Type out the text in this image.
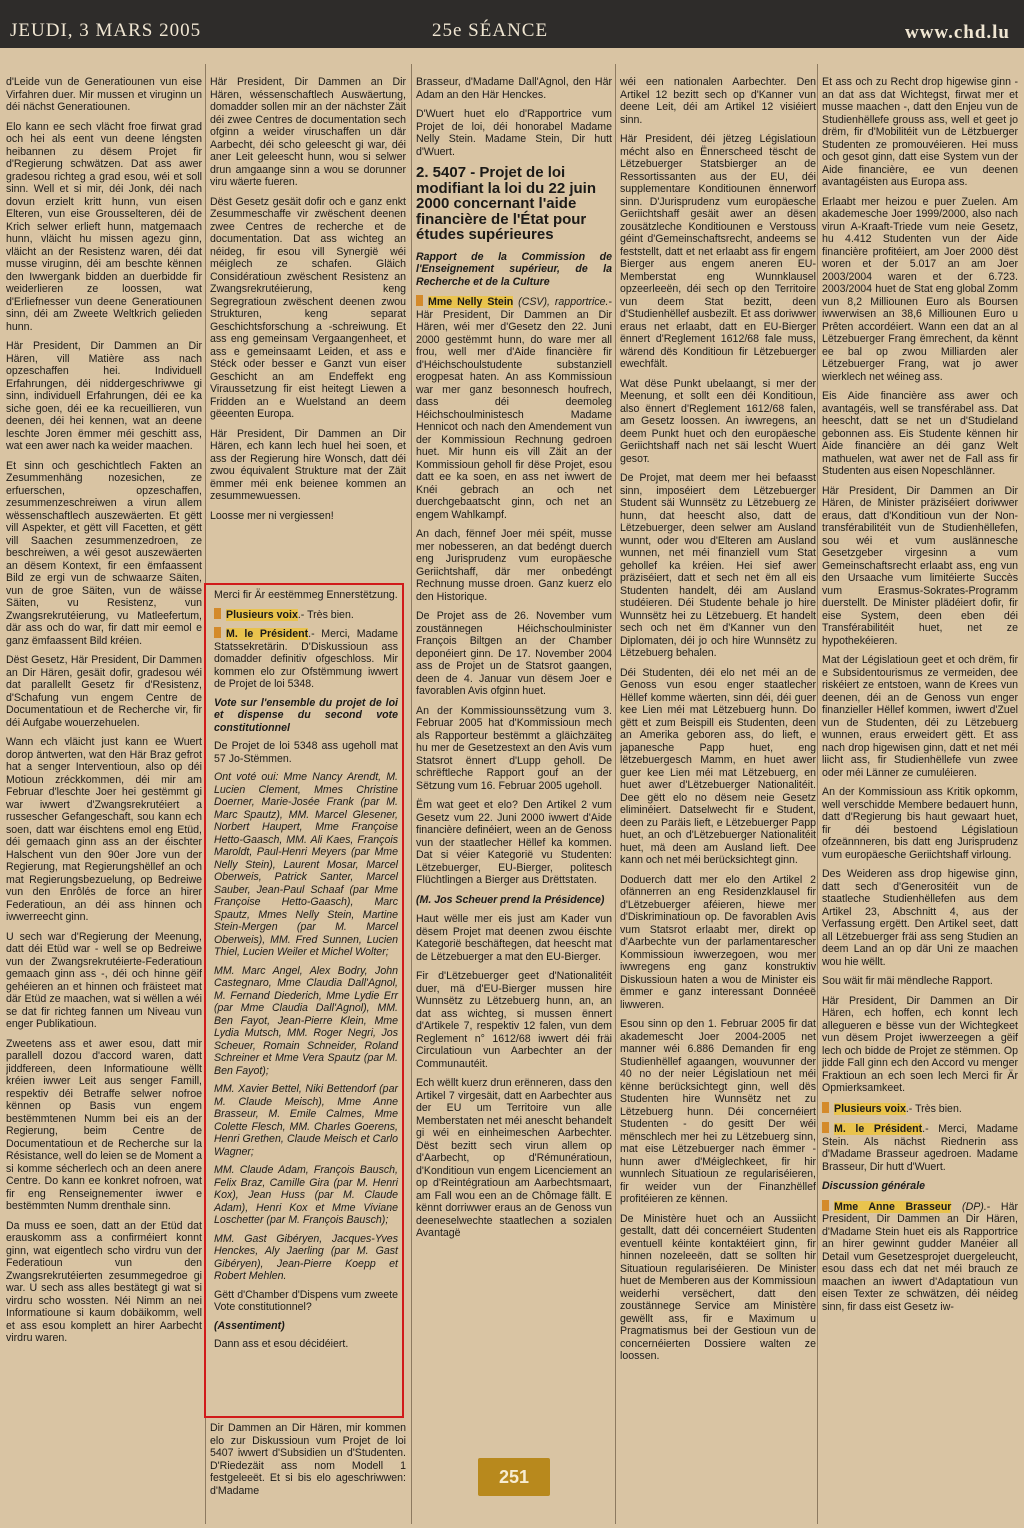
JEUDI, 3 MARS 2005	25e SÉANCE	www.chd.lu

d'Leide vun de Generatiounen vun eise Virfahren duer. Mir mussen et viruginn un déi nächst Generatiounen.

Elo kann ee sech vlächt froe firwat grad och hei als eent vun deene léngsten heibannen zu dësem Projet fir d'Regierung schwätzen. Dat ass awer gradesou richteg a grad esou, wéi et soll sinn. Well et si mir, déi Jonk, déi nach dovun erzielt kritt hunn, vun eisen Elteren, vun eise Grousselteren, déi de Krich selwer erlieft hunn, matgemaach hunn, vläicht hu missen agezu ginn, vläicht an der Resistenz waren, déi dat musse viruginn, déi am beschte kënnen den Iwwergank bidden an duerbidde fir weiderlieren ze loossen, wat d'Erliefnesser vun deene Generatiounen sinn, déi am Zweete Weltkrich gelieden hunn.

Här President, Dir Dammen an Dir Hären, vill Matière ass nach opzeschaffen hei. Individuell Erfahrungen, déi niddergeschriwwe gi sinn, individuell Erfahrungen, déi ee ka siche goen, déi ee ka recueillieren, vun deenen, déi hei kennen, wat an deene leschte Joren ëmmer méi geschitt ass, wat een awer nach ka weider maachen.

Et sinn och geschichtlech Fakten an Zesummenhäng nozesichen, ze erfuerschen, opzeschaffen, zesummenzeschreiwen a virun allem wëssenschaftlech auszewäerten. Et gëtt vill Aspekter, et gëtt vill Facetten, et gëtt vill Saachen zesummenzedroen, ze beschreiwen, a wéi gesot auszewäerten an dësem Kontext, fir een ëmfaassent Bild ze ergi vun de schwaarze Säiten, vun de groe Säiten, vun de wäisse Säiten, vu Resistenz, vun Zwangsrekrutéierung, vu Matleefertum, där ass och do war, fir datt mir eemol e ganz ëmfaassent Bild kréien.

Dëst Gesetz, Här President, Dir Dammen an Dir Hären, gesäit dofir, gradesou wéi dat parallellt Gesetz fir d'Resistenz, d'Schafung vun engem Centre de Documentatioun et de Recherche vir, fir déi Aufgabe wouerzehuelen.

Wann ech vläicht just kann ee Wuert dorop äntwerten, wat den Här Braz gefrot hat a senger Interventioun, also op déi Motioun zréckkommen, déi mir am Februar d'leschte Joer hei gestëmmt gi war iwwert d'Zwangsrekrutéiert a russescher Gefangeschaft, sou kann ech soen, datt war éischtens emol eng Etüd, déi gemaach ginn ass an der éischter Halschent vun den 90er Jore vun der Regierung, mat Regierungshëllef an och mat Regierungsbezuelung, op Bedreiwe vun den Enrôlés de force an hirer Federatioun, an déi ass hinnen och iwwerreecht ginn.

U sech war d'Regierung der Meenung, datt déi Etüd war - well se op Bedreiwe vun der Zwangsrekrutéierte-Federatioun gemaach ginn ass -, déi och hinne gëif gehéieren an et hinnen och fräisteet mat där Etüd ze maachen, wat si wëllen a wéi se dat fir richteg fannen um Niveau vun enger Publikatioun.

Zweetens ass et awer esou, datt mir parallell dozou d'accord waren, datt jiddfereen, deen Informatioune wëllt kréien iwwer Leit aus senger Famill, respektiv déi Betraffe selwer nofroe kënnen op Basis vun engem bestëmmtenen Numm bei eis an der Regierung, beim Centre de Documentatioun et de Recherche sur la Résistance, well do leien se de Moment a si komme sécherlech och an deen anere Centre. Do kann ee konkret nofroen, wat fir eng Renseignementer iwwer e bestëmmten Numm drenthale sinn.

Da muss ee soen, datt an der Etüd dat erauskomm ass a confirméiert konnt ginn, wat eigentlech scho virdru vun der Federatioun vun den Zwangsrekrutéierten zesummegedroe gi war. U sech ass alles bestätegt gi wat si virdru scho wossten. Néi Nimm an nei Informatioune si kaum dobäikomm, well et ass esou komplett an hirer Aarbecht virdru waren.

Här President, Dir Dammen an Dir Hären, wéssenschaftlech Auswäertung, domadder sollen mir an der nächster Zäit déi zwee Centres de documentation sech ofginn a weider viruschaffen un där Aarbecht, déi scho geleescht gi war, déi aner Leit geleescht hunn, wou si selwer drun amgaange sinn a wou se dorunner viru wäerte fueren.

Dëst Gesetz gesäit dofir och e ganz enkt Zesummeschaffe vir zwëschent deenen zwee Centres de recherche et de documentation. Dat ass wichteg an néideg, fir esou vill Synergië wéi méiglech ze schafen. Gläich Considératioun zwëschent Resistenz an Zwangsrekrutéierung, keng Segregratioun zwëschent deenen zwou Strukturen, keng separat Geschichtsforschung a -schreiwung. Et ass eng gemeinsam Vergaangenheet, et ass e gemeinsaamt Leiden, et ass e Stéck oder besser e Ganzt vun eiser Geschicht an am Endeffekt eng Viraussetzung fir eist heitegt Liewen a Fridden an e Wuelstand an deem gëeenten Europa.

Här President, Dir Dammen an Dir Hären, ech kann lech huel hei soen, et ass der Regierung hire Wonsch, datt déi zwou équivalent Strukture mat der Zäit ëmmer méi enk beienee kommen an zesummewuessen.

Loosse mer ni vergiessen!

Merci fir Är eestëmmeg Ennerstëtzung.

Plusieurs voix.- Très bien.

M. le Président.- Merci, Madame Statssekretärin. D'Diskussioun ass domadder definitiv ofgeschloss. Mir kommen elo zur Ofstëmmung iwwert de Projet de loi 5348.

Vote sur l'ensemble du projet de loi et dispense du second vote constitutionnel

De Projet de loi 5348 ass ugeholl mat 57 Jo-Stëmmen.

Ont voté oui: Mme Nancy Arendt, M. Lucien Clement, Mmes Christine Doerner, Marie-Josée Frank (par M. Marc Spautz), MM. Marcel Glesener, Norbert Haupert, Mme Françoise Hetto-Gaasch, MM. Ali Kaes, François Maroldt, Paul-Henri Meyers (par Mme Nelly Stein), Laurent Mosar, Marcel Oberweis, Patrick Santer, Marcel Sauber, Jean-Paul Schaaf (par Mme Françoise Hetto-Gaasch), Marc Spautz, Mmes Nelly Stein, Martine Stein-Mergen (par M. Marcel Oberweis), MM. Fred Sunnen, Lucien Thiel, Lucien Weiler et Michel Wolter;

MM. Marc Angel, Alex Bodry, John Castegnaro, Mme Claudia Dall'Agnol, M. Fernand Diederich, Mme Lydie Err (par Mme Claudia Dall'Agnol), MM. Ben Fayot, Jean-Pierre Klein, Mme Lydia Mutsch, MM. Roger Negri, Jos Scheuer, Romain Schneider, Roland Schreiner et Mme Vera Spautz (par M. Ben Fayot);

MM. Xavier Bettel, Niki Bettendorf (par M. Claude Meisch), Mme Anne Brasseur, M. Emile Calmes, Mme Colette Flesch, MM. Charles Goerens, Henri Grethen, Claude Meisch et Carlo Wagner;

MM. Claude Adam, François Bausch, Felix Braz, Camille Gira (par M. Henri Kox), Jean Huss (par M. Claude Adam), Henri Kox et Mme Viviane Loschetter (par M. François Bausch);

MM. Gast Gibéryen, Jacques-Yves Henckes, Aly Jaerling (par M. Gast Gibéryen), Jean-Pierre Koepp et Robert Mehlen.

Gëtt d'Chamber d'Dispens vum zweete Vote constitutionnel?

(Assentiment)

Dann ass et esou décidéiert.

Dir Dammen an Dir Hären, mir kommen elo zur Diskussioun vum Projet de loi 5407 iwwert d'Subsidien un d'Studenten. D'Riedezäit ass nom Modell 1 festgeleeët. Et si bis elo ageschriwwen: d'Madame

Brasseur, d'Madame Dall'Agnol, den Här Adam an den Här Henckes.

D'Wuert huet elo d'Rapportrice vum Projet de loi, déi honorabel Madame Nelly Stein. Madame Stein, Dir hutt d'Wuert.

2. 5407 - Projet de loi modifiant la loi du 22 juin 2000 concernant l'aide financière de l'État pour études supérieures

Rapport de la Commission de l'Enseignement supérieur, de la Recherche et de la Culture

Mme Nelly Stein (CSV), rapportrice.- Här President, Dir Dammen an Dir Hären, wéi mer d'Gesetz den 22. Juni 2000 gestëmmt hunn, do ware mer all frou, well mer d'Aide financière fir d'Héichschoulstudente substanziell erogpesat haten. An ass Kommissioun war mer ganz besonnesch houfrech, dass déi deemoleg Héichschoulministesch Madame Hennicot och nach den Amendement vun der Kommissioun Rechnung gedroen huet. Mir hunn eis vill Zäit an der Kommissioun geholl fir dëse Projet, esou datt ee ka soen, en ass net iwwert de Knéi gebrach an och net duerchgebaatscht ginn, och net an engem Wahlkampf.

An dach, fënnef Joer méi spéit, musse mer nobesseren, an dat bedéngt duerch eng Jurisprudenz vum europäesche Geriichtshaff, där mer onbedéngt Rechnung musse droen. Ganz kuerz elo den Historique.

De Projet ass de 26. November vum zoustännegen Héichschoulminister François Biltgen an der Chamber deponéiert ginn. De 17. November 2004 ass de Projet un de Statsrot gaangen, deen de 4. Januar vun dësem Joer e favorablen Avis ofginn huet.

An der Kommissiounssëtzung vum 3. Februar 2005 hat d'Kommissioun mech als Rapporteur bestëmmt a gläichzäiteg hu mer de Gesetzestext an den Avis vum Statsrot ënnert d'Lupp geholl. De schrëftleche Rapport gouf an der Sëtzung vum 16. Februar 2005 ugeholl.

Ëm wat geet et elo? Den Artikel 2 vum Gesetz vum 22. Juni 2000 iwwert d'Aide financière definéiert, ween an de Genoss vun der staatlecher Hëllef ka kommen. Dat si véier Kategorië vu Studenten: Lëtzebuerger, EU-Bierger, politesch Flüchtlingen a Bierger aus Drëttstaten.

(M. Jos Scheuer prend la Présidence)

Haut wëlle mer eis just am Kader vun dësem Projet mat deenen zwou éischte Kategorië beschäftegen, dat heescht mat de Lëtzebuerger a mat den EU-Bierger.

Fir d'Lëtzebuerger geet d'Nationalitéit duer, mä d'EU-Bierger mussen hire Wunnsëtz zu Lëtzebuerg hunn, an, an dat ass wichteg, si mussen ënnert d'Artikele 7, respektiv 12 falen, vun dem Reglement n° 1612/68 iwwert déi fräi Circulatioun vun Aarbechter an der Communautéit.

Ech wëllt kuerz drun erënneren, dass den Artikel 7 virgesäit, datt en Aarbechter aus der EU um Territoire vun alle Memberstaten net méi anescht behandelt gi wéi en einheimeschen Aarbechter. Dëst bezitt sech virun allem op d'Aarbecht, op d'Rémunératioun, d'Konditioun vun engem Licenciement an op d'Reintégratioun am Aarbechtsmaart, am Fall wou een an de Chômage fällt. E kënnt dorriwwer eraus an de Genoss vun deeneselwechte staatlechen a sozialen Avantagë

wéi een nationalen Aarbechter. Den Artikel 12 bezitt sech op d'Kanner vun deene Leit, déi am Artikel 12 visiéiert sinn.

Här President, déi jëtzeg Législatioun mécht also en Ënnerscheed tëscht de Lëtzebuerger Statsbierger an de Ressortissanten aus der EU, déi supplementare Konditiounen ënnerworf sinn. D'Jurisprudenz vum europäesche Geriichtshaff gesäit awer an dësen zousätzleche Konditiounen e Verstouss géint d'Gemeinschaftsrecht, andeems se feststellt, datt et net erlaabt ass fir engem Bierger aus engem aneren EU-Memberstat eng Wunnklausel opzeerleeën, déi sech op den Territoire vun deem Stat bezitt, deen d'Studienhëllef ausbezilt. Et ass doriwwer eraus net erlaabt, datt en EU-Bierger ënnert d'Reglement 1612/68 fale muss, wärend dës Konditioun fir Lëtzebuerger ewechfält.

Wat dëse Punkt ubelaangt, si mer der Meenung, et sollt een déi Konditioun, also ënnert d'Reglement 1612/68 falen, am Gesetz loossen. An iwwregens, an deem Punkt huet och den europäesche Geriichtshaff nach net säi lescht Wuert gesoт.

De Projet, mat deem mer hei befaasst sinn, imposéiert dem Lëtzebuerger Student säi Wunnsëtz zu Lëtzebuerg ze hunn, dat heescht also, datt de Lëtzebuerger, deen selwer am Ausland wunnt, oder wou d'Elteren am Ausland wunnen, net méi finanziell vum Stat gehollef ka kréien. Hei sief awer präziséiert, datt et sech net ëm all eis Studenten handelt, déi am Ausland studéieren. Déi Studente behale jo hire Wunnsëtz hei zu Lëtzebuerg. Et handelt sech och net ëm d'Kanner vun den Diplomaten, déi jo och hire Wunnsëtz zu Lëtzebuerg behalen.

Déi Studenten, déi elo net méi an de Genoss vun esou enger staatlecher Hëllef komme wäerten, sinn déi, déi guer kee Lien méi mat Lëtzebuerg hunn. Do gëtt et zum Beispill eis Studenten, deen an Amerika geboren ass, do lieft, e japanesche Papp huet, eng lëtzebuergesch Mamm, en huet awer guer kee Lien méi mat Lëtzebuerg, en huet awer d'Lëtzebuerger Nationalitéit. Dee gëtt elo no dësem neie Gesetz eliminéiert. Datselwecht fir e Student, deen zu Paräis lieft, e Lëtzebuerger Papp huet, an och d'Lëtzebuerger Nationalitéit huet, mä deen am Ausland lieft. Dee kann och net méi berücksichtegt ginn.

Doduerch datt mer elo den Artikel 2 ofännerren an eng Residenzklausel fir d'Lëtzebuerger aféieren, hiewe mer d'Diskriminatioun op. De favorablen Avis vum Statsrot erlaabt mer, direkt op d'Aarbechte vun der parlamentarescher Kommissioun iwwerzegoen, wou mer iwwregens eng ganz konstruktiv Diskussioun haten a wou de Minister eis ëmmer e ganz interessant Donnéeë liwweren.

Esou sinn op den 1. Februar 2005 fir dat akademescht Joer 2004-2005 net manner wéi 6.886 Demanden fir eng Studienhëllef agaangen, wouvunner der 40 no der neier Législatioun net méi kënne berücksichtegt ginn, well dës Studenten hire Wunnsëtz net zu Lëtzebuerg hunn. Déi concernéiert Studenten - do gesitt Der wéi mënschlech mer hei zu Lëtzebuerg sinn, mat eise Lëtzebuerger nach ëmmer - hunn awer d'Méiglechkeet, fir hir wunnlech Situatioun ze regulariséieren, fir weider vun der Finanzhëllef profitéieren ze kënnen.

De Ministère huet och an Aussiicht gestallt, datt déi concernéiert Studenten eventuell kéinte kontaktéiert ginn, fir hinnen nozeleeën, datt se sollten hir Situatioun regulariséieren. De Minister huet de Memberen aus der Kommissioun weiderhi versëchert, datt den zoustännege Service am Ministère gewëllt ass, fir e Maximum u Pragmatismus bei der Gestioun vun de concernéierten Dossiere walten ze loossen.

Et ass och zu Recht drop higewise ginn - an dat ass dat Wichtegst, firwat mer et musse maachen -, datt den Enjeu vun de Studienhëllefe grouss ass, well et geet jo drëm, fir d'Mobilitéit vun de Lëtzbuerger Studenten ze promouvéieren. Hei muss och gesot ginn, datt eise System vun der Aide financière, ee vun deenen avantagéisten aus Europa ass.

Erlaabt mer heizou e puer Zuelen. Am akademesche Joer 1999/2000, also nach virun A-Kraaft-Triede vum neie Gesetz, hu 4.412 Studenten vun der Aide financière profitéiert, am Joer 2000 dëst woren et der 5.017 an am Joer 2003/2004 waren et der 6.723. 2003/2004 huet de Stat eng global Zomm vun 8,2 Milliounen Euro als Boursen iwwerwisen an 38,6 Milliounen Euro u Prêten accordéiert. Wann een dat an al Lëtzebuerger Frang ëmrechent, da kënnt ee bal op zwou Milliarden aler Lëtzebuerger Frang, wat jo awer wierklech net wéineg ass.

Eis Aide financière ass awer och avantagéis, well se transférabel ass. Dat heescht, datt se net un d'Studieland gebonnen ass. Eis Studente kënnen hir Aide financière an déi ganz Welt mathuelen, wat awer net de Fall ass fir Studenten aus eisen Nopeschlänner.

Här President, Dir Dammen an Dir Hären, de Minister präziséiert doriwwer eraus, datt d'Konditioun vun der Non-transférabilitéit vun de Studienhëllefen, sou wéi et vum auslännesche Gesetzgeber virgesinn a vum Gemeinschaftsrecht erlaabt ass, eng vun den Ursaache vum limitéierte Succès vum Erasmus-Sokrates-Programm duerstellt. De Minister plädéiert dofir, fir eise System, deen eben déi Transférabilitéit huet, net ze hypothekéieren.

Mat der Législatioun geet et och drëm, fir e Subsidentourismus ze vermeiden, dee riskéiert ze entstoen, wann de Krees vun deenen, déi an de Genoss vun enger finanzieller Hëllef kommen, iwwert d'Zuel vun de Studenten, déi zu Lëtzebuerg wunnen, eraus erweidert gëtt. Et ass nach drop higewisen ginn, datt et net méi liicht ass, fir Studienhëllefe vun zwee oder méi Länner ze cumuléieren.

An der Kommissioun ass Kritik opkomm, well verschidde Membere bedauert hunn, datt d'Regierung bis haut gewaart huet, fir déi bestoend Législatioun ofzeännneren, bis datt eng Jurisprudenz vum europäesche Geriichtshaff virloung.

Des Weideren ass drop higewise ginn, datt sech d'Generositéit vun de staatleche Studienhëllefen aus dem Artikel 23, Abschnitt 4, aus der Verfassung ergëtt. Den Artikel seet, datt all Lëtzebuerger fräi ass seng Studien an deem Land an op där Uni ze maachen wou hie wëllt.

Sou wäit fir mäi mëndleche Rapport.

Här President, Dir Dammen an Dir Hären, ech hoffen, ech konnt lech allegueren e bësse vun der Wichtegkeet vun dësem Projet iwwerzeegen a gëif lech och bidde de Projet ze stëmmen. Op jidde Fall ginn ech den Accord vu menger Fraktioun an ech soen lech Merci fir Är Opmierksamkeet.

Plusieurs voix.- Très bien.

M. le Président.- Merci, Madame Stein. Als nächst Riednerin ass d'Madame Brasseur agedroen. Madame Brasseur, Dir hutt d'Wuert.

Discussion générale

Mme Anne Brasseur (DP).- Här President, Dir Dammen an Dir Hären, d'Madame Stein huet eis als Rapportrice an hirer gewinnt gudder Manéier all Detail vum Gesetzesprojet duergeleucht, esou dass ech dat net méi brauch ze maachen an iwwert d'Adaptatioun vun eisen Texter ze schwätzen, déi néideg sinn, fir dass eist Gesetz iw-

251
